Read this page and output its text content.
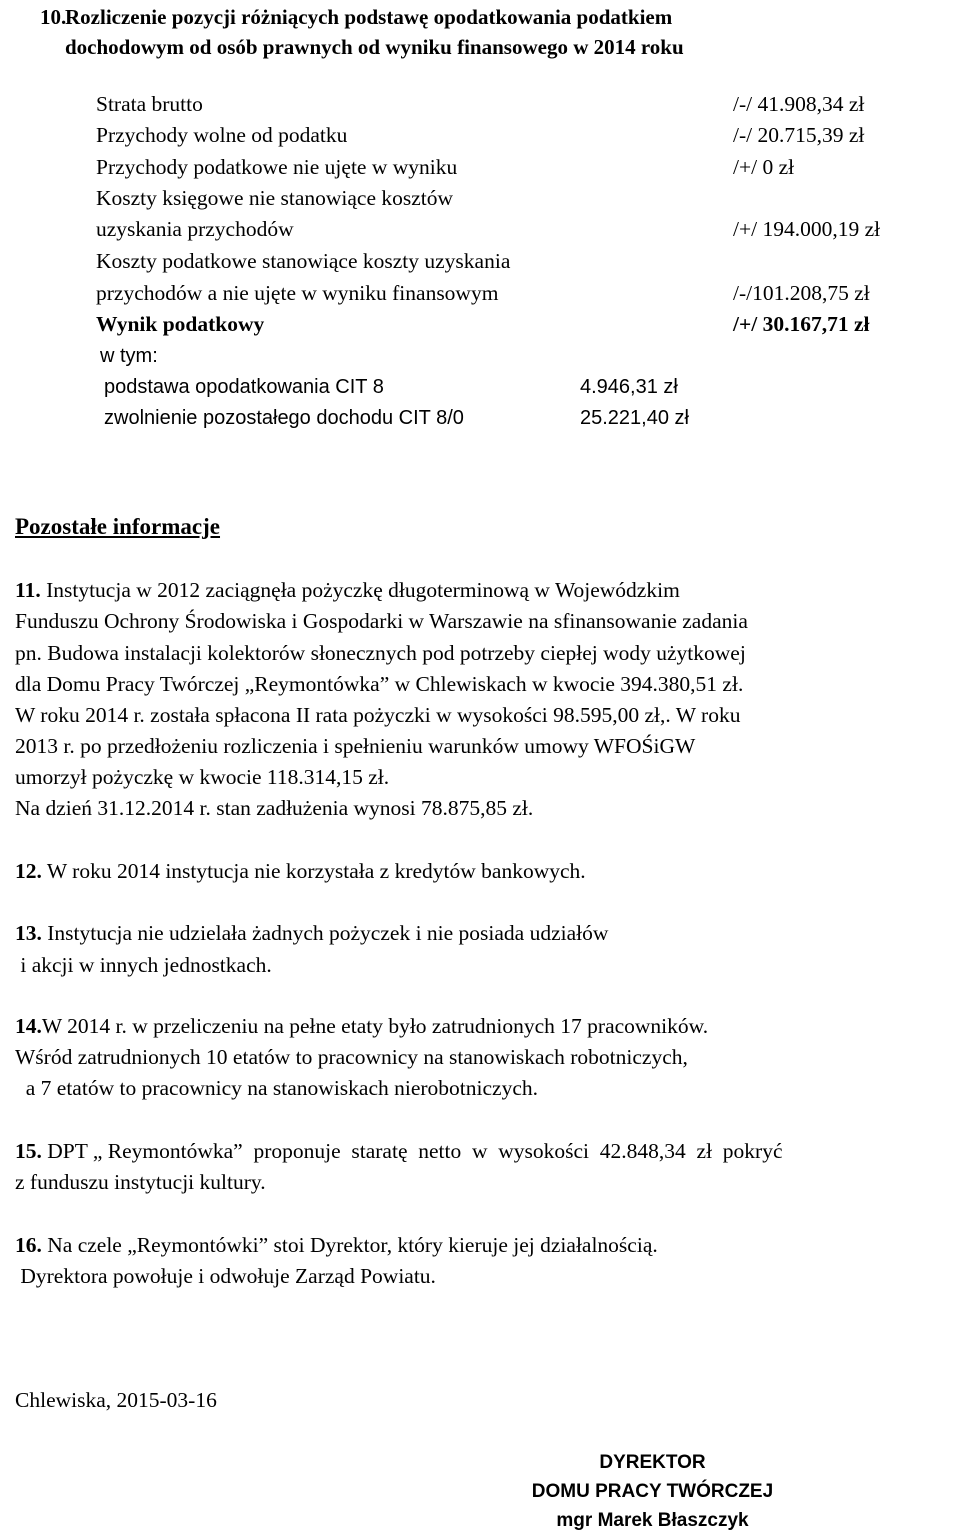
10.
Rozliczenie pozycji różniących podstawę opodatkowania podatkiem
dochodowym od osób prawnych od wyniku finansowego w 2014 roku
Strata brutto	/-/ 41.908,34 zł
Przychody wolne od podatku	/-/ 20.715,39 zł
Przychody podatkowe nie ujęte w wyniku	/+/ 0 zł
Koszty księgowe nie stanowiące kosztów
uzyskania przychodów	/+/ 194.000,19 zł
Koszty podatkowe stanowiące koszty uzyskania
przychodów a nie ujęte w wyniku finansowym	/-/101.208,75 zł
Wynik podatkowy	/+/ 30.167,71 zł
w tym:
podstawa opodatkowania CIT 8	4.946,31 zł
zwolnienie pozostałego dochodu CIT 8/0	25.221,40 zł
Pozostałe informacje
11. Instytucja w 2012 zaciągnęła pożyczkę długoterminową w Wojewódzkim
Funduszu Ochrony Środowiska i Gospodarki w Warszawie na sfinansowanie zadania
pn. Budowa instalacji kolektorów słonecznych pod potrzeby ciepłej wody użytkowej
dla Domu Pracy Twórczej „Reymontówka” w Chlewiskach w kwocie 394.380,51 zł.
W roku 2014 r. została spłacona II rata pożyczki w wysokości 98.595,00 zł,. W roku
2013 r. po przedłożeniu rozliczenia i spełnieniu warunków umowy WFOŚiGW
umorzył pożyczkę w kwocie 118.314,15 zł.
Na dzień 31.12.2014 r. stan zadłużenia wynosi 78.875,85 zł.
12. W roku 2014 instytucja nie korzystała z kredytów bankowych.
13. Instytucja nie udzielała żadnych pożyczek i nie posiada udziałów
i akcji w innych jednostkach.
14.W 2014 r. w przeliczeniu na pełne etaty było zatrudnionych 17 pracowników.
Wśród zatrudnionych 10 etatów to pracownicy na stanowiskach robotniczych,
a 7 etatów to pracownicy na stanowiskach nierobotniczych.
15. DPT „ Reymontówka”  proponuje  staratę  netto  w  wysokości  42.848,34  zł  pokryć
z funduszu instytucji kultury.
16. Na czele „Reymontówki” stoi Dyrektor, który kieruje jej działalnością.
Dyrektora powołuje i odwołuje Zarząd Powiatu.
Chlewiska, 2015-03-16
DYREKTOR
DOMU PRACY TWÓRCZEJ
mgr Marek Błaszczyk
